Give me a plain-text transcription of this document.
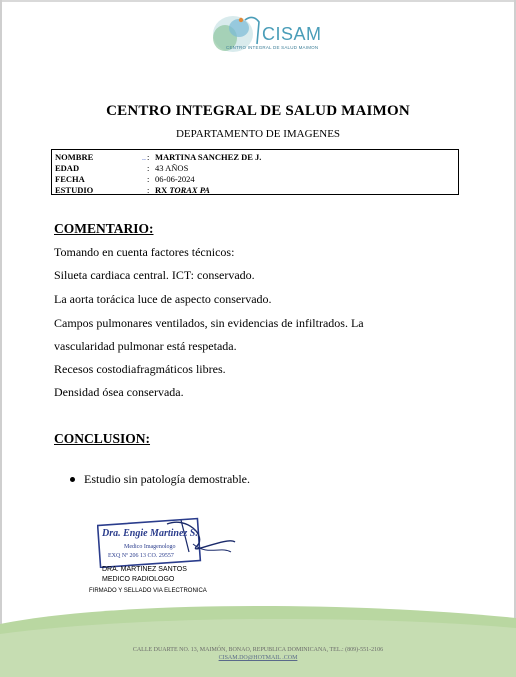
CISAM
CENTRO INTEGRAL DE SALUD MAIMON
CENTRO INTEGRAL DE SALUD MAIMON
DEPARTAMENTO DE IMAGENES
NOMBRE	ᵕᵕ : MARTINA SANCHEZ DE J.
EDAD	: 43 AÑOS
FECHA	: 06-06-2024
ESTUDIO	: RX TORAX PA
COMENTARIO:
Tomando en cuenta factores técnicos:
Silueta cardiaca central. ICT: conservado.
La aorta torácica luce de aspecto conservado.
Campos pulmonares ventilados, sin evidencias de infiltrados. La
vascularidad pulmonar está respetada.
Recesos costodiafragmáticos libres.
Densidad ósea conservada.
CONCLUSION:
Estudio sin patología demostrable.
Dra. Engie Martinez S.
Medico Imagenologo
EXQ Nº 206 13 CO. 29557
DRA. MARTINEZ SANTOS
MEDICO RADIOLOGO
FIRMADO Y SELLADO VIA ELECTRONICA
CALLE DUARTE NO. 13, MAIMÓN, BONAO, REPUBLICA DOMINICANA, TEL.: (809)-551-2106
CISAM.DO@HOTMAIL .COM
